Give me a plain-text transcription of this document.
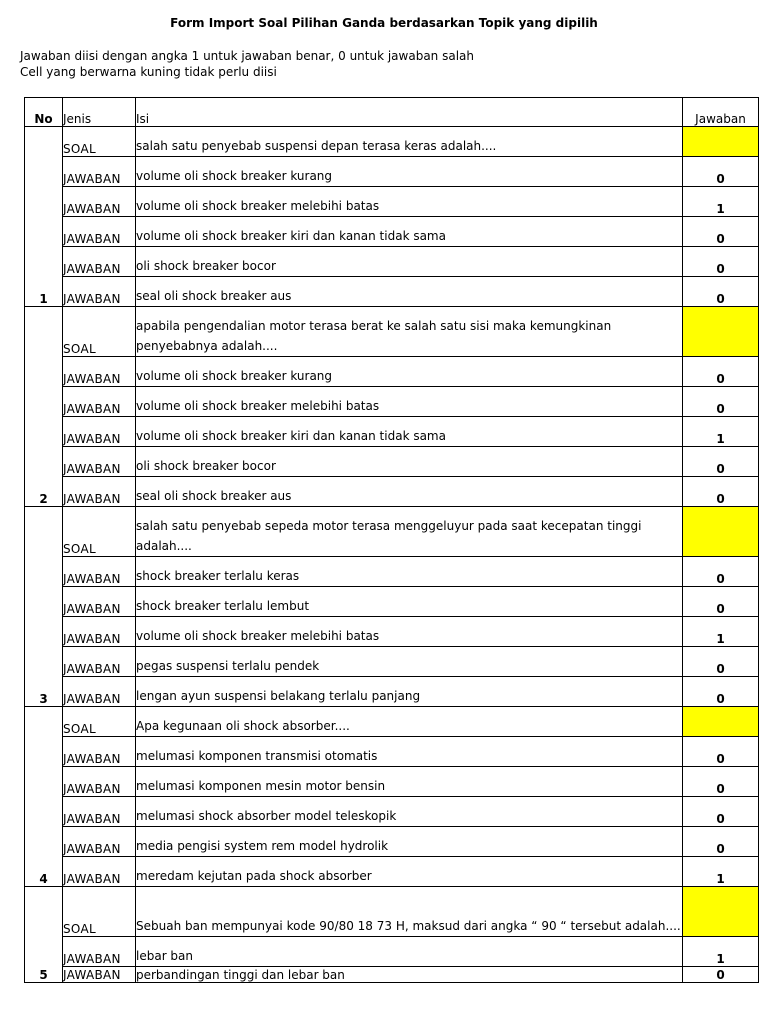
Form Import Soal Pilihan Ganda berdasarkan Topik yang dipilih
Jawaban diisi dengan angka 1 untuk jawaban benar, 0 untuk jawaban salah
Cell yang berwarna kuning tidak perlu diisi
No	Jenis	Isi	Jawaban
1	SOAL	salah satu penyebab suspensi depan terasa keras adalah....	
	JAWABAN	volume oli shock breaker kurang	0
	JAWABAN	volume oli shock breaker melebihi batas	1
	JAWABAN	volume oli shock breaker kiri dan kanan tidak sama	0
	JAWABAN	oli shock breaker bocor	0
	JAWABAN	seal oli shock breaker aus	0
2	SOAL	apabila pengendalian motor terasa berat ke salah satu sisi maka kemungkinan penyebabnya adalah....	
	JAWABAN	volume oli shock breaker kurang	0
	JAWABAN	volume oli shock breaker melebihi batas	0
	JAWABAN	volume oli shock breaker kiri dan kanan tidak sama	1
	JAWABAN	oli shock breaker bocor	0
	JAWABAN	seal oli shock breaker aus	0
3	SOAL	salah satu penyebab sepeda motor terasa menggeluyur pada saat kecepatan tinggi adalah....	
	JAWABAN	shock breaker terlalu keras	0
	JAWABAN	shock breaker terlalu lembut	0
	JAWABAN	volume oli shock breaker melebihi batas	1
	JAWABAN	pegas suspensi terlalu pendek	0
	JAWABAN	lengan ayun suspensi belakang terlalu panjang	0
4	SOAL	Apa kegunaan oli shock absorber....	
	JAWABAN	melumasi komponen transmisi otomatis	0
	JAWABAN	melumasi komponen mesin motor bensin	0
	JAWABAN	melumasi shock absorber model teleskopik	0
	JAWABAN	media pengisi system rem model hydrolik	0
	JAWABAN	meredam kejutan pada shock absorber	1
5	SOAL	Sebuah ban mempunyai kode 90/80 18 73 H, maksud dari angka “ 90 “ tersebut adalah....	
	JAWABAN	lebar ban	1
	JAWABAN	perbandingan tinggi dan lebar ban	0
